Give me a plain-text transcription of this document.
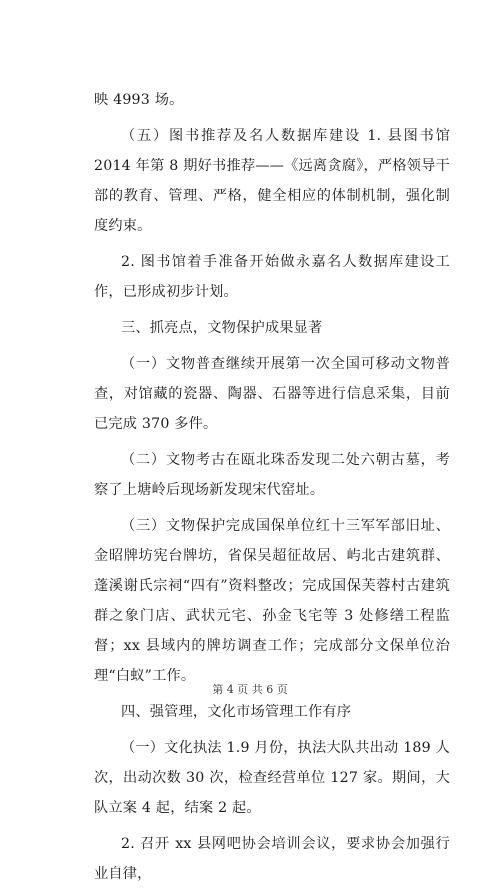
映 4993 场。

（五）图书推荐及名人数据库建设 1. 县图书馆 2014 年第 8 期好书推荐——《远离贪腐》，严格领导干部的教育、管理、严格，健全相应的体制机制，强化制度约束。

2. 图书馆着手准备开始做永嘉名人数据库建设工作，已形成初步计划。

三、抓亮点，文物保护成果显著

（一）文物普查继续开展第一次全国可移动文物普查，对馆藏的瓷器、陶器、石器等进行信息采集，目前已完成 370 多件。

（二）文物考古在瓯北珠岙发现二处六朝古墓，考察了上塘岭后现场新发现宋代窑址。

（三）文物保护完成国保单位红十三军军部旧址、金昭牌坊宪台牌坊，省保吴超征故居、屿北古建筑群、蓬溪谢氏宗祠“四有”资料整改；完成国保芙蓉村古建筑群之象门店、武状元宅、孙金飞宅等 3 处修缮工程监督；xx 县域内的牌坊调查工作；完成部分文保单位治理“白蚁”工作。

四、强管理，文化市场管理工作有序

（一）文化执法 1.9 月份，执法大队共出动 189 人次，出动次数 30 次，检查经营单位 127 家。期间，大队立案 4 起，结案 2 起。

2. 召开 xx 县网吧协会培训会议，要求协会加强行业自律，

第 4 页 共 6 页
